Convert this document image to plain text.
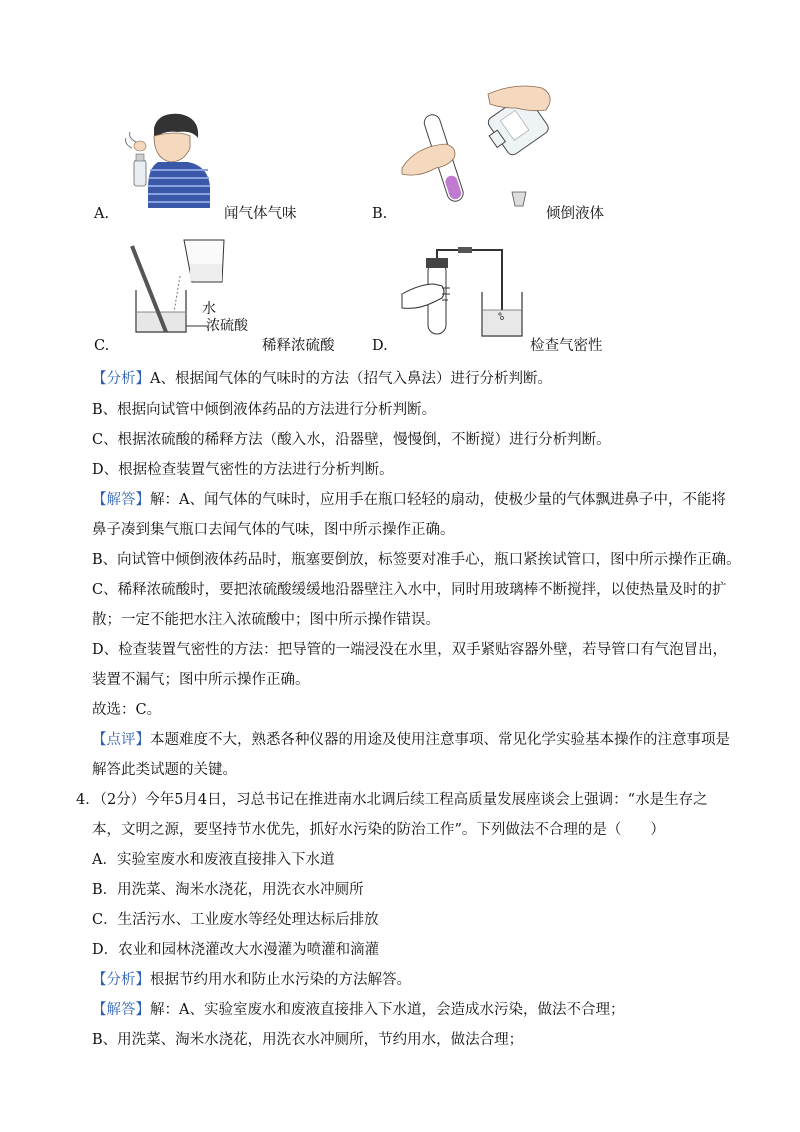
A.	闻气体气味	B.	倾倒液体
水
浓硫酸
C.	稀释浓硫酸	D.	检查气密性
【分析】A、根据闻气体的气味时的方法（招气入鼻法）进行分析判断。
B、根据向试管中倾倒液体药品的方法进行分析判断。
C、根据浓硫酸的稀释方法（酸入水，沿器壁，慢慢倒，不断搅）进行分析判断。
D、根据检查装置气密性的方法进行分析判断。
【解答】解：A、闻气体的气味时，应用手在瓶口轻轻的扇动，使极少量的气体飘进鼻子中，不能将
鼻子凑到集气瓶口去闻气体的气味，图中所示操作正确。
B、向试管中倾倒液体药品时，瓶塞要倒放，标签要对准手心，瓶口紧挨试管口，图中所示操作正确。
C、稀释浓硫酸时，要把浓硫酸缓缓地沿器壁注入水中，同时用玻璃棒不断搅拌，以使热量及时的扩
散；一定不能把水注入浓硫酸中；图中所示操作错误。
D、检查装置气密性的方法：把导管的一端浸没在水里，双手紧贴容器外壁，若导管口有气泡冒出，
装置不漏气；图中所示操作正确。
故选：C。
【点评】本题难度不大，熟悉各种仪器的用途及使用注意事项、常见化学实验基本操作的注意事项是
解答此类试题的关键。
4．（2分）今年5月4日，习总书记在推进南水北调后续工程高质量发展座谈会上强调：“水是生存之
本，文明之源，要坚持节水优先，抓好水污染的防治工作”。下列做法不合理的是（　　）
A．实验室废水和废液直接排入下水道
B．用洗菜、淘米水浇花，用洗衣水冲厕所
C．生活污水、工业废水等经处理达标后排放
D．农业和园林浇灌改大水漫灌为喷灌和滴灌
【分析】根据节约用水和防止水污染的方法解答。
【解答】解：A、实验室废水和废液直接排入下水道，会造成水污染，做法不合理；
B、用洗菜、淘米水浇花，用洗衣水冲厕所，节约用水，做法合理；
